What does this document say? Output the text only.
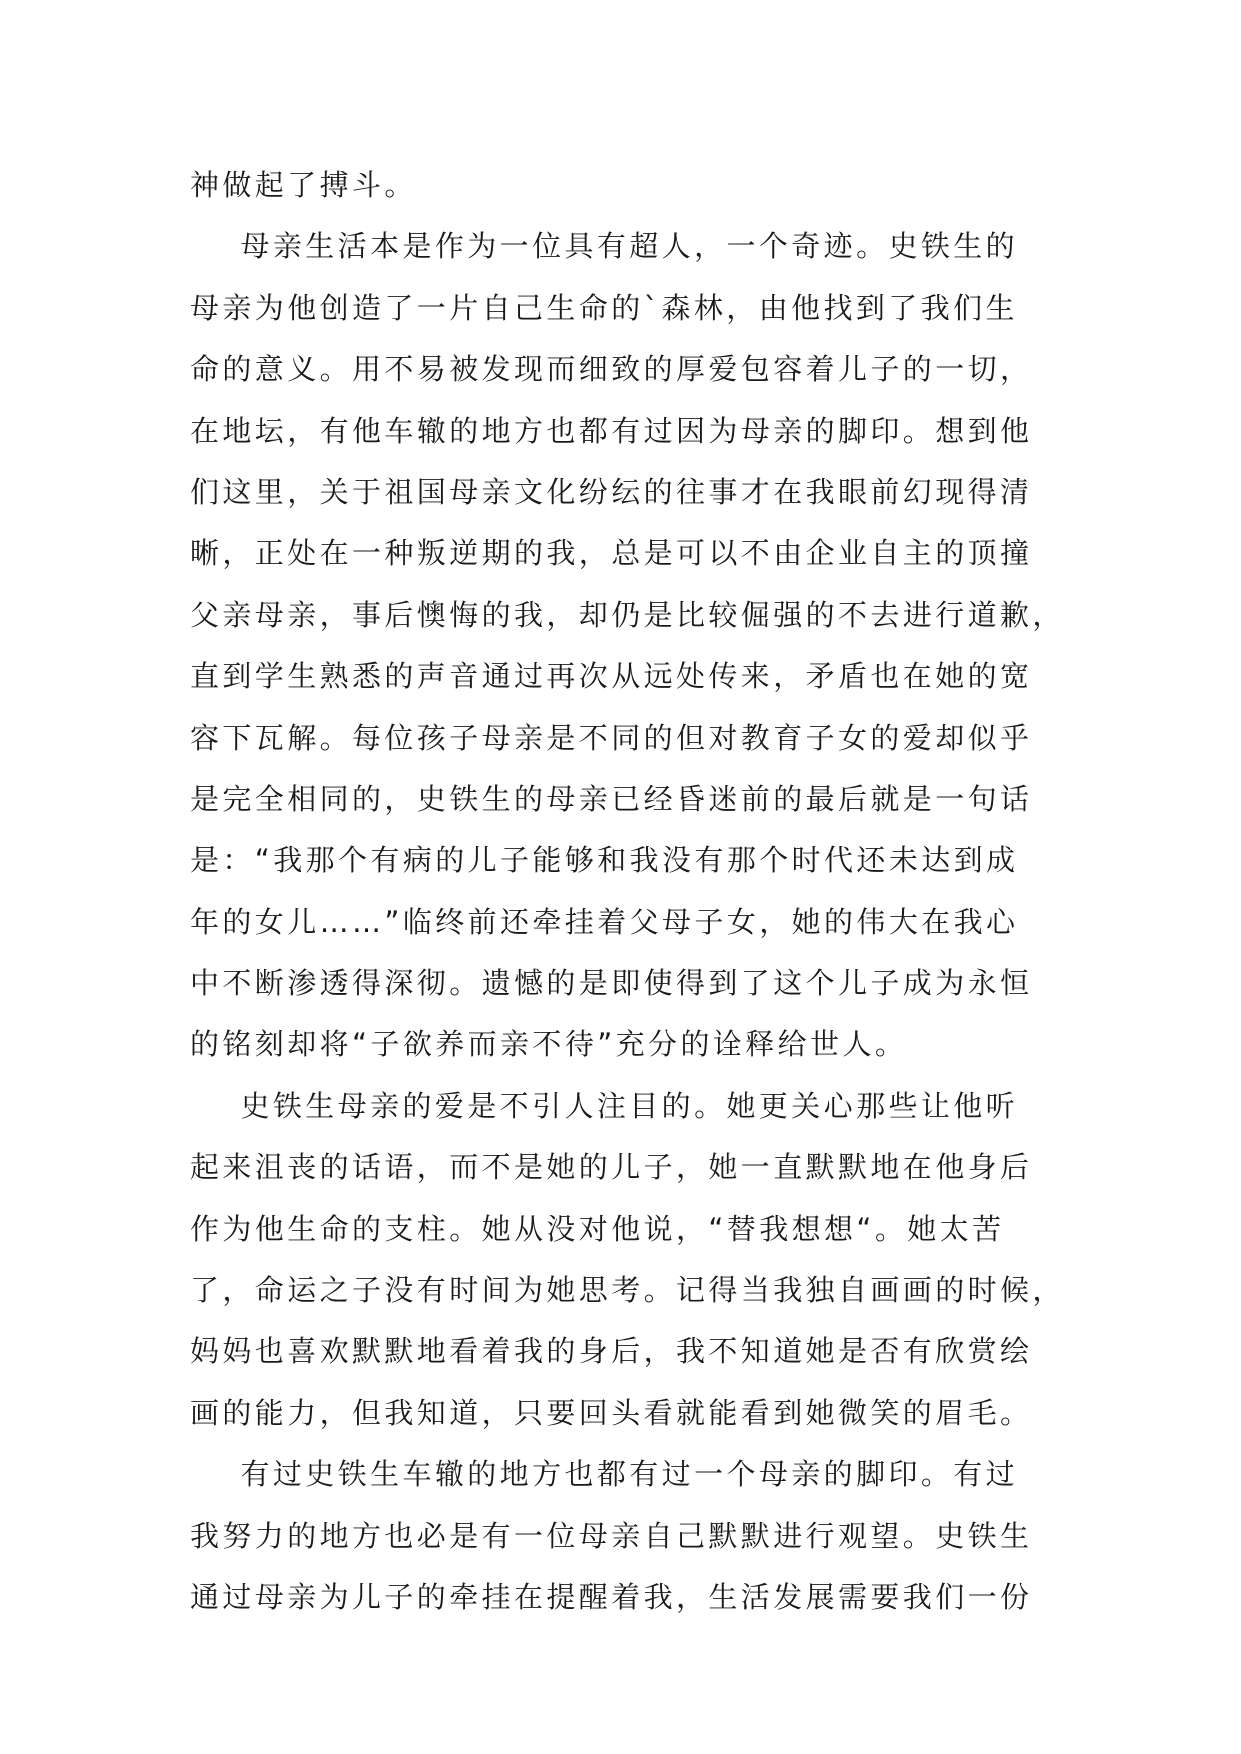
神做起了搏斗。
母亲生活本是作为一位具有超人，一个奇迹。史铁生的
母亲为他创造了一片自己生命的`森林，由他找到了我们生
命的意义。用不易被发现而细致的厚爱包容着儿子的一切，
在地坛，有他车辙的地方也都有过因为母亲的脚印。想到他
们这里，关于祖国母亲文化纷纭的往事才在我眼前幻现得清
晰，正处在一种叛逆期的我，总是可以不由企业自主的顶撞
父亲母亲，事后懊悔的我，却仍是比较倔强的不去进行道歉，
直到学生熟悉的声音通过再次从远处传来，矛盾也在她的宽
容下瓦解。每位孩子母亲是不同的但对教育子女的爱却似乎
是完全相同的，史铁生的母亲已经昏迷前的最后就是一句话
是：“我那个有病的儿子能够和我没有那个时代还未达到成
年的女儿……”临终前还牵挂着父母子女，她的伟大在我心
中不断渗透得深彻。遗憾的是即使得到了这个儿子成为永恒
的铭刻却将“子欲养而亲不待”充分的诠释给世人。
史铁生母亲的爱是不引人注目的。她更关心那些让他听
起来沮丧的话语，而不是她的儿子，她一直默默地在他身后
作为他生命的支柱。她从没对他说，“替我想想“。她太苦
了，命运之子没有时间为她思考。记得当我独自画画的时候，
妈妈也喜欢默默地看着我的身后，我不知道她是否有欣赏绘
画的能力，但我知道，只要回头看就能看到她微笑的眉毛。
有过史铁生车辙的地方也都有过一个母亲的脚印。有过
我努力的地方也必是有一位母亲自己默默进行观望。史铁生
通过母亲为儿子的牵挂在提醒着我，生活发展需要我们一份
